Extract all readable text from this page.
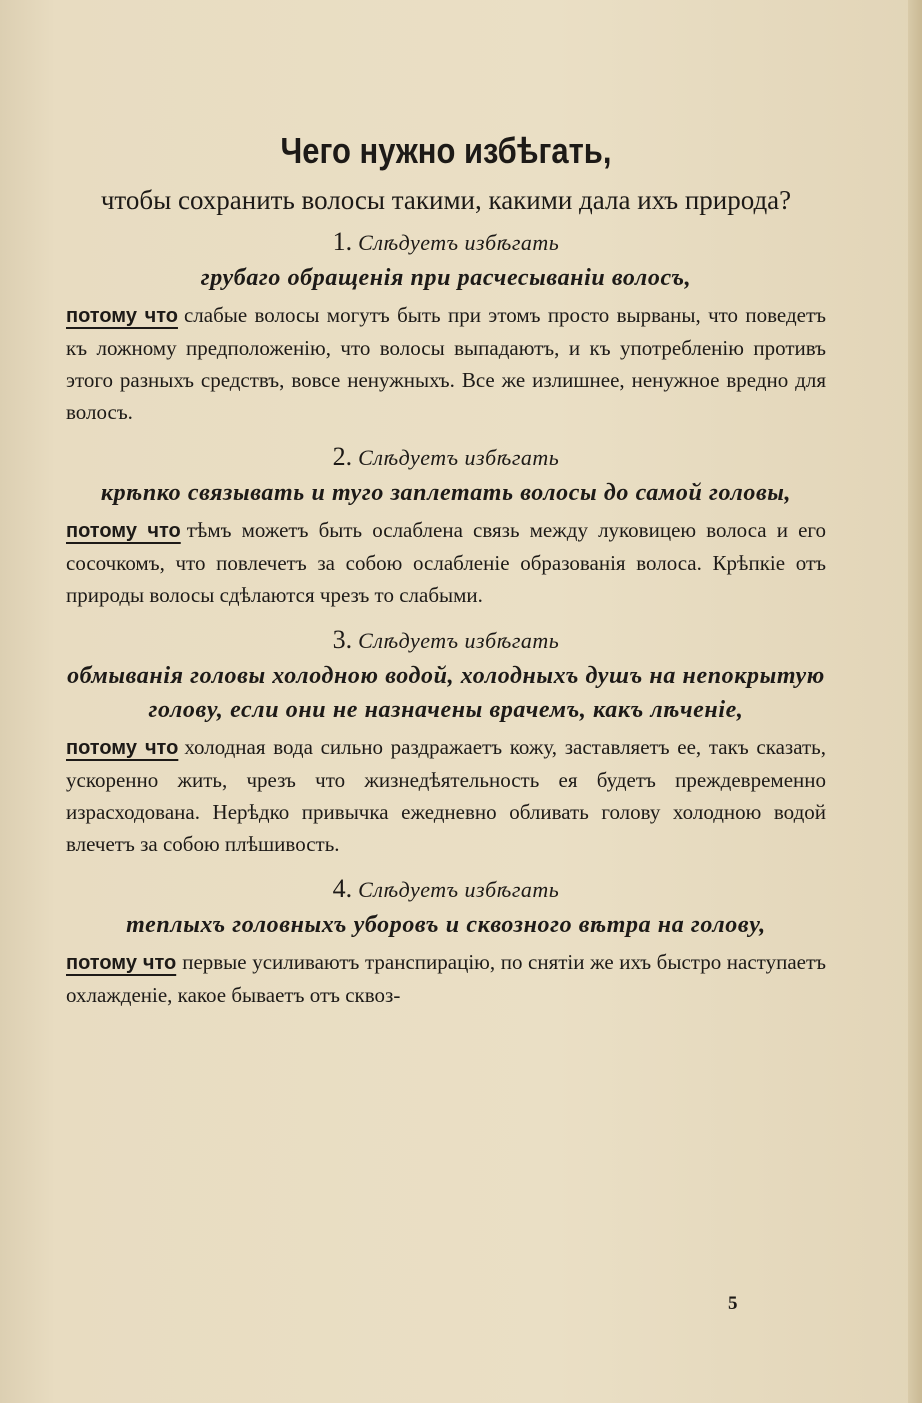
Чего нужно избѣгать,

чтобы сохранить волосы такими, какими дала ихъ природа?

1. Слѣдуетъ избѣгать

грубаго обращенія при расчесываніи волосъ,

потому что слабые волосы могутъ быть при этомъ просто вырваны, что поведетъ къ ложному предположенію, что волосы выпадаютъ, и къ употребленію противъ этого разныхъ средствъ, вовсе ненужныхъ. Все же излишнее, ненужное вредно для волосъ.

2. Слѣдуетъ избѣгать

крѣпко связывать и туго заплетать волосы до самой головы,

потому что тѣмъ можетъ быть ослаблена связь между луковицею волоса и его сосочкомъ, что повлечетъ за собою ослабленіе образованія волоса. Крѣпкіе отъ природы волосы сдѣлаются чрезъ то слабыми.

3. Слѣдуетъ избѣгать

обмыванія головы холодною водой, холодныхъ душъ на непокрытую голову, если они не назначены врачемъ, какъ лѣченіе,

потому что холодная вода сильно раздражаетъ кожу, заставляетъ ее, такъ сказать, ускоренно жить, чрезъ что жизнедѣятельность ея будетъ преждевременно израсходована. Нерѣдко привычка ежедневно обливать голову холодною водой влечетъ за собою плѣшивость.

4. Слѣдуетъ избѣгать

теплыхъ головныхъ уборовъ и сквозного вѣтра на голову,

потому что первые усиливаютъ транспирацію, по снятіи же ихъ быстро наступаетъ охлажденіе, какое бываетъ отъ сквоз-

5
